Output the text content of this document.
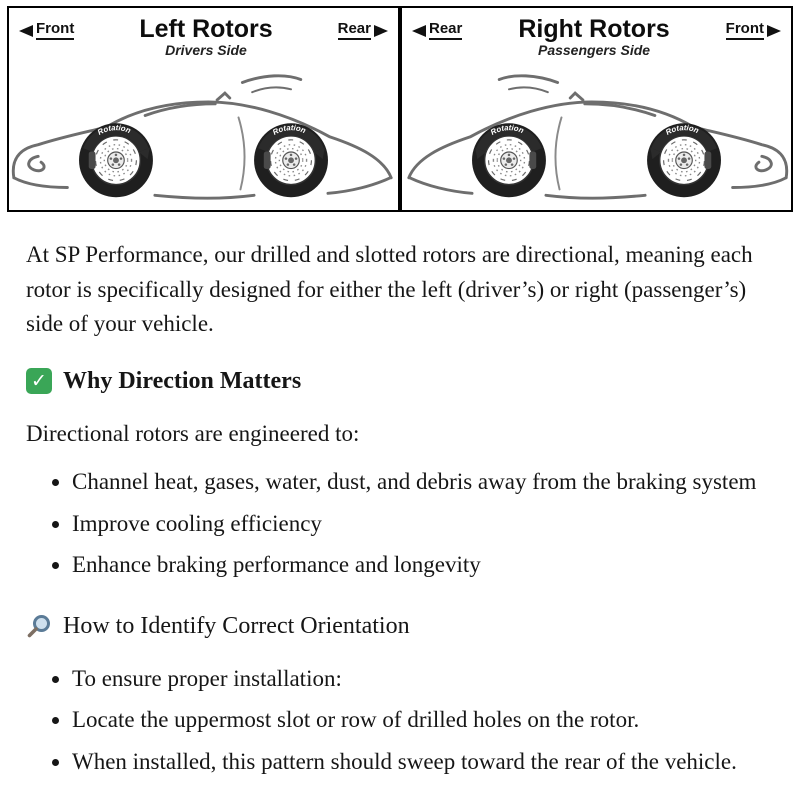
Front	Left Rotors
Drivers Side
Rear
Rotation	Rotation
Rear Right Rotors
Passengers Side
Front
Rotation	Rotation

At SP Performance, our drilled and slotted rotors are directional, meaning each rotor is specifically designed for either the left (driver’s) or right (passenger’s) side of your vehicle.

✓
Why Direction Matters

Directional rotors are engineered to:

• Channel heat, gases, water, dust, and debris away from the braking system
• Improve cooling efficiency
• Enhance braking performance and longevity
How to Identify Correct Orientation
• To ensure proper installation:
• Locate the uppermost slot or row of drilled holes on the rotor.
• When installed, this pattern should sweep toward the rear of the vehicle.
